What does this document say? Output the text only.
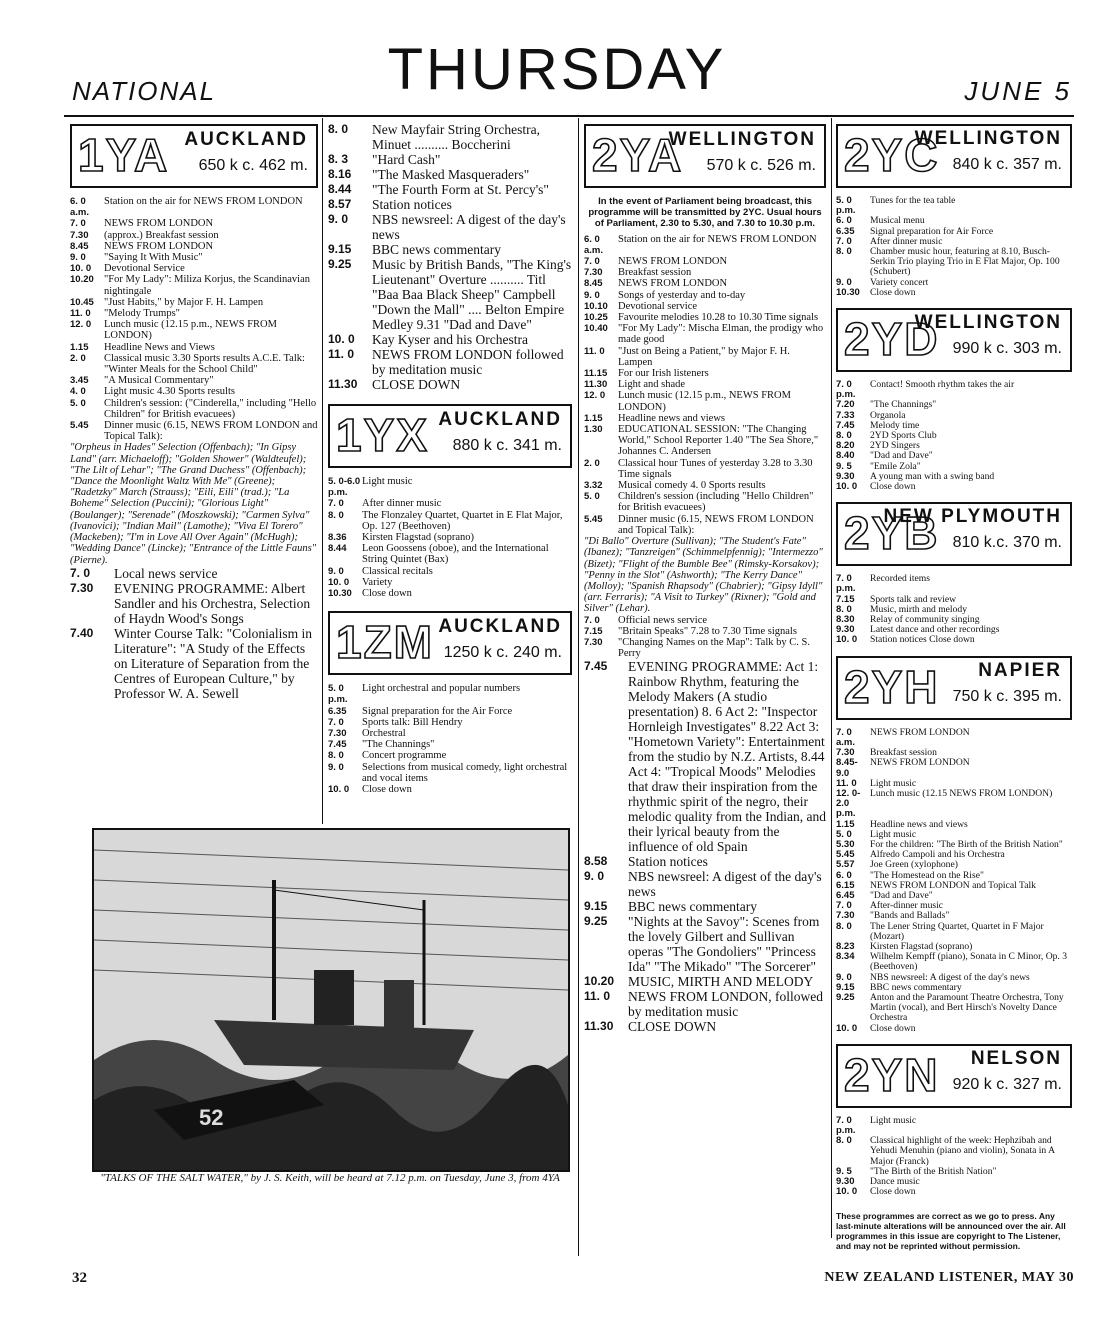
NATIONAL	THURSDAY	JUNE 5
1YA AUCKLAND
650 k c. 462 m.
6. 0 a.m.
Station on the air for NEWS FROM LONDON
7. 0	NEWS FROM LONDON
7.30	(approx.) Breakfast session
8.45	NEWS FROM LONDON
9. 0	"Saying It With Music"
10. 0	Devotional Service
10.20 "For My Lady": Miliza Korjus, the Scandinavian nightingale
10.45 "Just Habits," by Major F. H. Lampen
11. 0	"Melody Trumps"
12. 0	Lunch music (12.15 p.m., NEWS FROM LONDON)
1.15	Headline News and Views
2. 0	Classical music 3.30 Sports results A.C.E. Talk: "Winter Meals for the School Child"
3.45	"A Musical Commentary"
4. 0	Light music 4.30 Sports results
5. 0	Children's session: ("Cinderella," including "Hello Children" for British evacuees)
5.45	Dinner music (6.15, NEWS FROM LONDON and Topical Talk):
"Orpheus in Hades" Selection (Offenbach); "In Gipsy Land" (arr. Michaeloff); "Golden Shower" (Waldteufel); "The Lilt of Lehar"; "The Grand Duchess" (Offenbach); "Dance the Moonlight Waltz With Me" (Greene); "Radetzky" March (Strauss); "Eili, Eili" (trad.); "La Boheme" Selection (Puccini); "Glorious Light" (Boulanger); "Serenade" (Moszkowski); "Carmen Sylva" (Ivanovici); "Indian Mail" (Lamothe); "Viva El Torero" (Mackeben); "I'm in Love All Over Again" (McHugh); "Wedding Dance" (Lincke); "Entrance of the Little Fauns" (Pierne).
7. 0	Local news service
7.30	EVENING PROGRAMME: Albert Sandler and his Orchestra, Selection of Haydn Wood's Songs
7.40	Winter Course Talk: "Colonialism in Literature": "A Study of the Effects on Literature of Separation from the Centres of European Culture," by Professor W. A. Sewell
8. 0	New Mayfair String Orchestra, Minuet .......... Boccherini
8. 3	"Hard Cash"
8.16	"The Masked Masqueraders"
8.44	"The Fourth Form at St. Percy's"
8.57	Station notices
9. 0	NBS newsreel: A digest of the day's news
9.15	BBC news commentary
9.25	Music by British Bands, "The King's Lieutenant" Overture .......... Titl "Baa Baa Black Sheep" Campbell "Down the Mall" .... Belton Empire Medley 9.31 "Dad and Dave"
10. 0	Kay Kyser and his Orchestra
11. 0	NEWS FROM LONDON followed by meditation music
11.30	CLOSE DOWN
1YX AUCKLAND
880 k c. 341 m.
5. 0-6.0 p.m.
Light music
7. 0	After dinner music
8. 0	The Flonzaley Quartet, Quartet in E Flat Major, Op. 127 (Beethoven)
8.36	Kirsten Flagstad (soprano)
8.44	Leon Goossens (oboe), and the International String Quintet (Bax)
9. 0	Classical recitals
10. 0	Variety
10.30 Close down
1ZM AUCKLAND
1250 k c. 240 m.
5. 0 p.m.
Light orchestral and popular numbers
6.35	Signal preparation for the Air Force
7. 0	Sports talk: Bill Hendry
7.30	Orchestral
7.45	"The Channings"
8. 0	Concert programme
9. 0	Selections from musical comedy, light orchestral and vocal items
10. 0	Close down
2YA
WELLINGTON
570 k c. 526 m.
In the event of Parliament being broadcast, this programme will be transmitted by 2YC. Usual hours of Parliament, 2.30 to 5.30, and 7.30 to 10.30 p.m.
6. 0 a.m.
Station on the air for NEWS FROM LONDON
7. 0	NEWS FROM LONDON
7.30	Breakfast session
8.45	NEWS FROM LONDON
9. 0	Songs of yesterday and to-day
10.10 Devotional service
10.25 Favourite melodies 10.28 to 10.30 Time signals
10.40 "For My Lady": Mischa Elman, the prodigy who made good
11. 0	"Just on Being a Patient," by Major F. H. Lampen
11.15	For our Irish listeners
11.30	Light and shade
12. 0	Lunch music (12.15 p.m., NEWS FROM LONDON)
1.15	Headline news and views
1.30	EDUCATIONAL SESSION: "The Changing World," School Reporter 1.40 "The Sea Shore," Johannes C. Andersen
2. 0	Classical hour Tunes of yesterday 3.28 to 3.30 Time signals
3.32	Musical comedy 4. 0 Sports results
5. 0	Children's session (including "Hello Children" for British evacuees)
5.45	Dinner music (6.15, NEWS FROM LONDON and Topical Talk):
"Di Ballo" Overture (Sullivan); "The Student's Fate" (Ibanez); "Tanzreigen" (Schimmelpfennig); "Intermezzo" (Bizet); "Flight of the Bumble Bee" (Rimsky-Korsakov); "Penny in the Slot" (Ashworth); "The Kerry Dance" (Molloy); "Spanish Rhapsody" (Chabrier); "Gipsy Idyll" (arr. Ferraris); "A Visit to Turkey" (Rixner); "Gold and Silver" (Lehar).
7. 0	Official news service
7.15	"Britain Speaks" 7.28 to 7.30 Time signals
7.30	"Changing Names on the Map": Talk by C. S. Perry
7.45	EVENING PROGRAMME: Act 1: Rainbow Rhythm, featuring the Melody Makers (A studio presentation) 8. 6 Act 2: "Inspector Hornleigh Investigates" 8.22 Act 3: "Hometown Variety": Entertainment from the studio by N.Z. Artists, 8.44 Act 4: "Tropical Moods" Melodies that draw their inspiration from the rhythmic spirit of the negro, their melodic quality from the Indian, and their lyrical beauty from the influence of old Spain
8.58	Station notices
9. 0	NBS newsreel: A digest of the day's news
9.15	BBC news commentary
9.25	"Nights at the Savoy": Scenes from the lovely Gilbert and Sullivan operas "The Gondoliers" "Princess Ida" "The Mikado" "The Sorcerer"
10.20	MUSIC, MIRTH AND MELODY
11. 0	NEWS FROM LONDON, followed by meditation music
11.30	CLOSE DOWN
2YC
WELLINGTON
840 k c. 357 m.
5. 0 p.m.
Tunes for the tea table
6. 0	Musical menu
6.35	Signal preparation for Air Force
7. 0	After dinner music
8. 0	Chamber music hour, featuring at 8.10, Busch-Serkin Trio playing Trio in E Flat Major, Op. 100 (Schubert)
9. 0	Variety concert
10.30	Close down
2YD
WELLINGTON
990 k c. 303 m.
7. 0 p.m.
Contact! Smooth rhythm takes the air
7.20	"The Channings"
7.33	Organola
7.45	Melody time
8. 0	2YD Sports Club
8.20	2YD Singers
8.40	"Dad and Dave"
9. 5	"Emile Zola"
9.30	A young man with a swing band
10. 0	Close down
2YB
NEW PLYMOUTH
810 k.c. 370 m.
7. 0 p.m.
Recorded items
7.15	Sports talk and review
8. 0	Music, mirth and melody
8.30	Relay of community singing
9.30	Latest dance and other recordings
10. 0	Station notices Close down
2YH NAPIER
750 k c. 395 m.
7. 0 a.m.
NEWS FROM LONDON
7.30	Breakfast session
8.45-9.0
NEWS FROM LONDON
11. 0	Light music
12. 0-2.0 p.m.
Lunch music (12.15 NEWS FROM LONDON)
1.15	Headline news and views
5. 0	Light music
5.30	For the children: "The Birth of the British Nation"
5.45	Alfredo Campoli and his Orchestra
5.57	Joe Green (xylophone)
6. 0	"The Homestead on the Rise"
6.15	NEWS FROM LONDON and Topical Talk
6.45	"Dad and Dave"
7. 0	After-dinner music
7.30	"Bands and Ballads"
8. 0	The Lener String Quartet, Quartet in F Major (Mozart)
8.23	Kirsten Flagstad (soprano)
8.34	Wilhelm Kempff (piano), Sonata in C Minor, Op. 3 (Beethoven)
9. 0	NBS newsreel: A digest of the day's news
9.15	BBC news commentary
9.25	Anton and the Paramount Theatre Orchestra, Tony Martin (vocal), and Bert Hirsch's Novelty Dance Orchestra
10. 0	Close down
2YN NELSON
920 k c. 327 m.
7. 0 p.m.
Light music
8. 0	Classical highlight of the week: Hephzibah and Yehudi Menuhin (piano and violin), Sonata in A Major (Franck)
9. 5	"The Birth of the British Nation"
9.30	Dance music
10. 0	Close down
These programmes are correct as we go to press. Any last-minute alterations will be announced over the air. All programmes in this issue are copyright to The Listener, and may not be reprinted without permission.
52
"TALKS OF THE SALT WATER," by J. S. Keith, will be heard at 7.12 p.m. on Tuesday, June 3, from 4YA
32	NEW ZEALAND LISTENER, MAY 30
